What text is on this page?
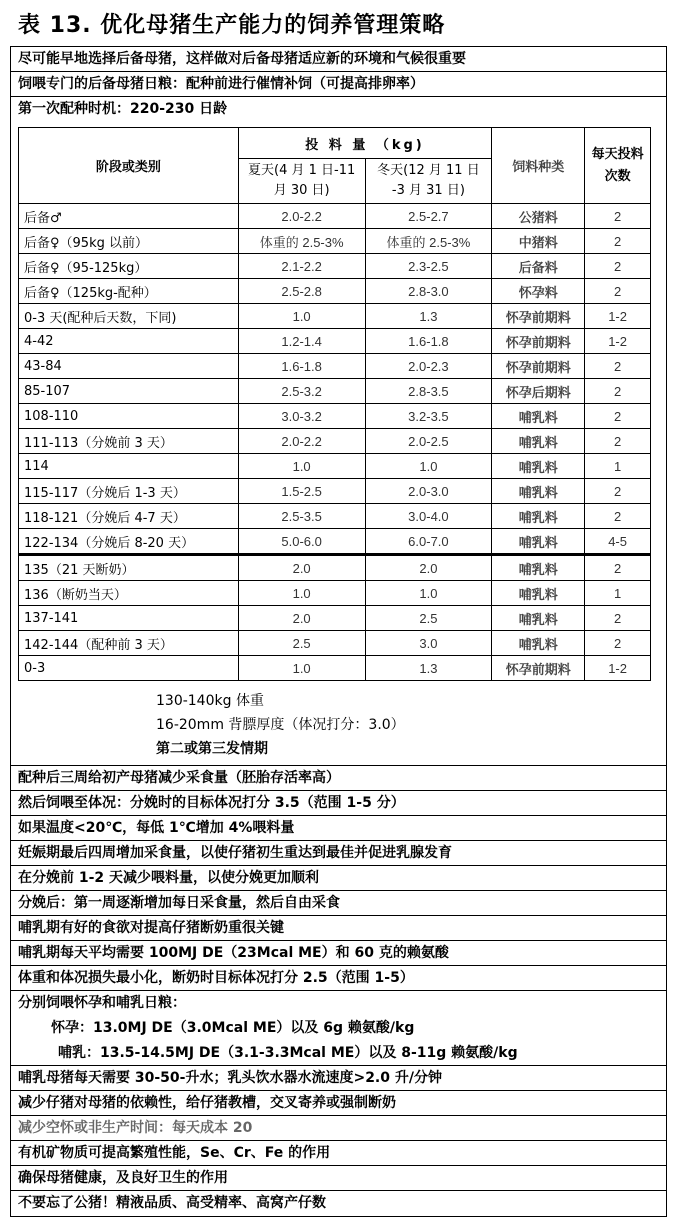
表 13. 优化母猪生产能力的饲养管理策略
尽可能早地选择后备母猪，这样做对后备母猪适应新的环境和气候很重要
饲喂专门的后备母猪日粮：配种前进行催情补饲（可提高排卵率）
第一次配种时机：220-230 日龄
阶段或类别	投 料 量 （kg)		饲料种类	每天投料次数
	夏天(4 月 1 日-11 月 30 日)	冬天(12 月 11 日 -3 月 31 日)		
后备♂	2.0-2.2	2.5-2.7	公猪料	2
后备♀（95kg 以前）	体重的 2.5-3%	体重的 2.5-3%	中猪料	2
后备♀（95-125kg）	2.1-2.2	2.3-2.5	后备料	2
后备♀（125kg-配种）	2.5-2.8	2.8-3.0	怀孕料	2
0-3 天(配种后天数，下同)	1.0	1.3	怀孕前期料	1-2
4-42	1.2-1.4	1.6-1.8	怀孕前期料	1-2
43-84	1.6-1.8	2.0-2.3	怀孕前期料	2
85-107	2.5-3.2	2.8-3.5	怀孕后期料	2
108-110	3.0-3.2	3.2-3.5	哺乳料	2
111-113（分娩前 3 天）	2.0-2.2	2.0-2.5	哺乳料	2
114	1.0	1.0	哺乳料	1
115-117（分娩后 1-3 天）	1.5-2.5	2.0-3.0	哺乳料	2
118-121（分娩后 4-7 天）	2.5-3.5	3.0-4.0	哺乳料	2
122-134（分娩后 8-20 天）	5.0-6.0	6.0-7.0	哺乳料	4-5
135（21 天断奶）	2.0	2.0	哺乳料	2
136（断奶当天）	1.0	1.0	哺乳料	1
137-141	2.0	2.5	哺乳料	2
142-144（配种前 3 天）	2.5	3.0	哺乳料	2
0-3	1.0	1.3	怀孕前期料	1-2
130-140kg 体重
16-20mm 背膘厚度（体况打分：3.0）
第二或第三发情期
配种后三周给初产母猪减少采食量（胚胎存活率高）
然后饲喂至体况：分娩时的目标体况打分 3.5（范围 1-5 分）
如果温度<20℃，每低 1℃增加 4%喂料量
妊娠期最后四周增加采食量，以使仔猪初生重达到最佳并促进乳腺发育
在分娩前 1-2 天减少喂料量，以使分娩更加顺利
分娩后：第一周逐渐增加每日采食量，然后自由采食
哺乳期有好的食欲对提高仔猪断奶重很关键
哺乳期每天平均需要 100MJ DE（23Mcal ME）和 60 克的赖氨酸
体重和体况损失最小化，断奶时目标体况打分 2.5（范围 1-5）
分别饲喂怀孕和哺乳日粮：
怀孕：13.0MJ DE（3.0Mcal ME）以及 6g 赖氨酸/kg
哺乳：13.5-14.5MJ DE（3.1-3.3Mcal ME）以及 8-11g 赖氨酸/kg
哺乳母猪每天需要 30-50-升水；乳头饮水器水流速度>2.0 升/分钟
减少仔猪对母猪的依赖性，给仔猪教槽，交叉寄养或强制断奶
减少空怀或非生产时间：每天成本 20
有机矿物质可提高繁殖性能，Se、Cr、Fe 的作用
确保母猪健康，及良好卫生的作用
不要忘了公猪！精液品质、高受精率、高窝产仔数
